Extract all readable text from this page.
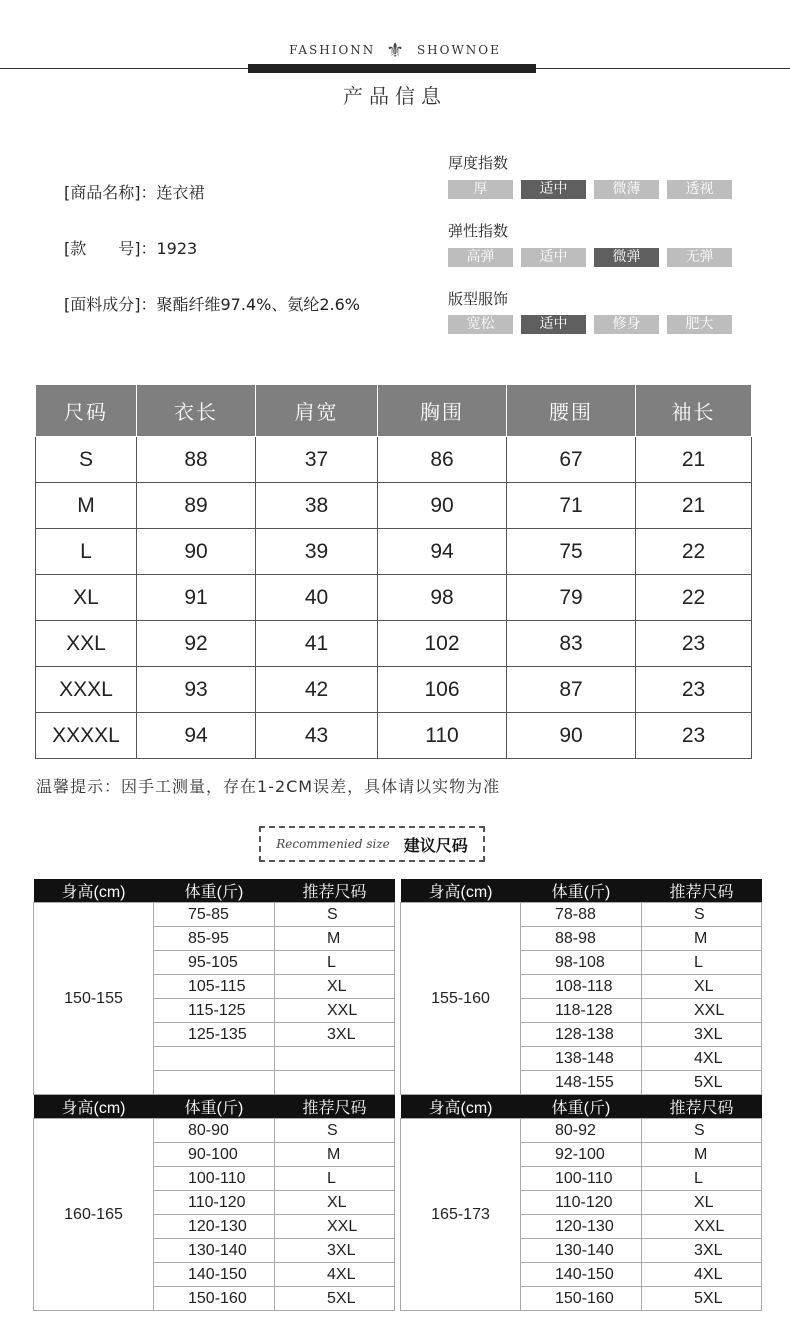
FASHIONN ⚜ SHOWNOE
产品信息
[商品名称]：连衣裙
[款　　号]：1923
[面料成分]：聚酯纤维97.4%、氨纶2.6%
厚度指数
厚	适中	微薄	透视
弹性指数
高弹	适中	微弹	无弹
版型服饰
宽松	适中	修身	肥大
尺码	衣长	肩宽	胸围	腰围	袖长
S	88	37	86	67	21
M	89	38	90	71	21
L	90	39	94	75	22
XL	91	40	98	79	22
XXL	92	41	102	83	23
XXXL	93	42	106	87	23
XXXXL	94	43	110	90	23
温馨提示：因手工测量，存在1-2CM误差，具体请以实物为准
Recommenied size 建议尺码
身高(cm)	体重(斤)	推荐尺码
150-155	75-85	S
	85-95	M
	95-105	L
	105-115	XL
	115-125	XXL
	125-135	3XL

身高(cm)	体重(斤)	推荐尺码
155-160	78-88	S
	88-98	M
	98-108	L
	108-118	XL
	118-128	XXL
	128-138	3XL
	138-148	4XL
	148-155	5XL
身高(cm)	体重(斤)	推荐尺码
160-165	80-90	S
	90-100	M
	100-110	L
	110-120	XL
	120-130	XXL
	130-140	3XL
	140-150	4XL
	150-160	5XL
身高(cm)	体重(斤)	推荐尺码
165-173	80-92	S
	92-100	M
	100-110	L
	110-120	XL
	120-130	XXL
	130-140	3XL
	140-150	4XL
	150-160	5XL
